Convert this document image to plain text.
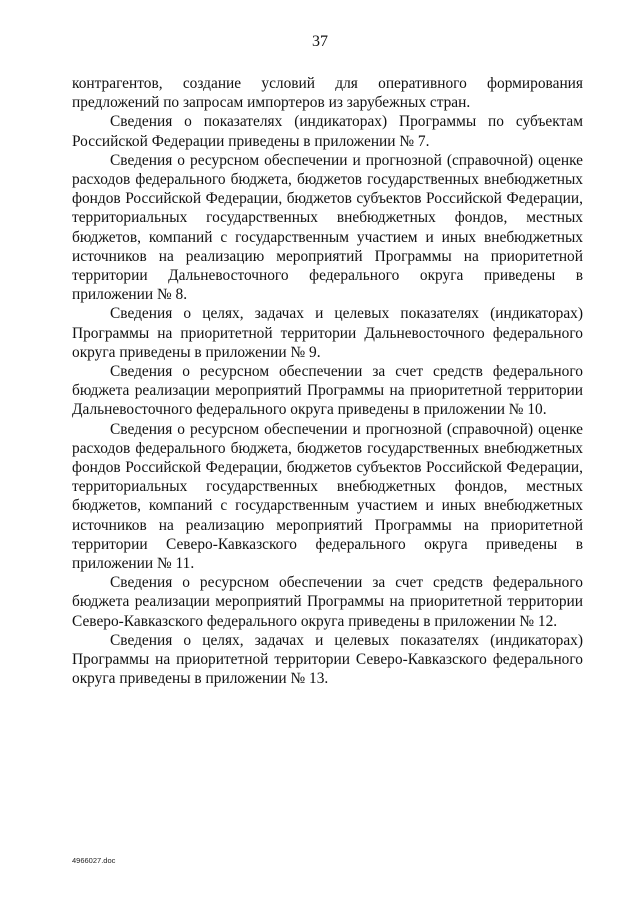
37

контрагентов, создание условий для оперативного формирования предложений по запросам импортеров из зарубежных стран.

Сведения о показателях (индикаторах) Программы по субъектам Российской Федерации приведены в приложении № 7.

Сведения о ресурсном обеспечении и прогнозной (справочной) оценке расходов федерального бюджета, бюджетов государственных внебюджетных фондов Российской Федерации, бюджетов субъектов Российской Федерации, территориальных государственных внебюджетных фондов, местных бюджетов, компаний с государственным участием и иных внебюджетных источников на реализацию мероприятий Программы на приоритетной территории Дальневосточного федерального округа приведены в приложении № 8.

Сведения о целях, задачах и целевых показателях (индикаторах) Программы на приоритетной территории Дальневосточного федерального округа приведены в приложении № 9.

Сведения о ресурсном обеспечении за счет средств федерального бюджета реализации мероприятий Программы на приоритетной территории Дальневосточного федерального округа приведены в приложении № 10.

Сведения о ресурсном обеспечении и прогнозной (справочной) оценке расходов федерального бюджета, бюджетов государственных внебюджетных фондов Российской Федерации, бюджетов субъектов Российской Федерации, территориальных государственных внебюджетных фондов, местных бюджетов, компаний с государственным участием и иных внебюджетных источников на реализацию мероприятий Программы на приоритетной территории Северо-Кавказского федерального округа приведены в приложении № 11.

Сведения о ресурсном обеспечении за счет средств федерального бюджета реализации мероприятий Программы на приоритетной территории Северо-Кавказского федерального округа приведены в приложении № 12.

Сведения о целях, задачах и целевых показателях (индикаторах) Программы на приоритетной территории Северо-Кавказского федерального округа приведены в приложении № 13.

4966027.doc
